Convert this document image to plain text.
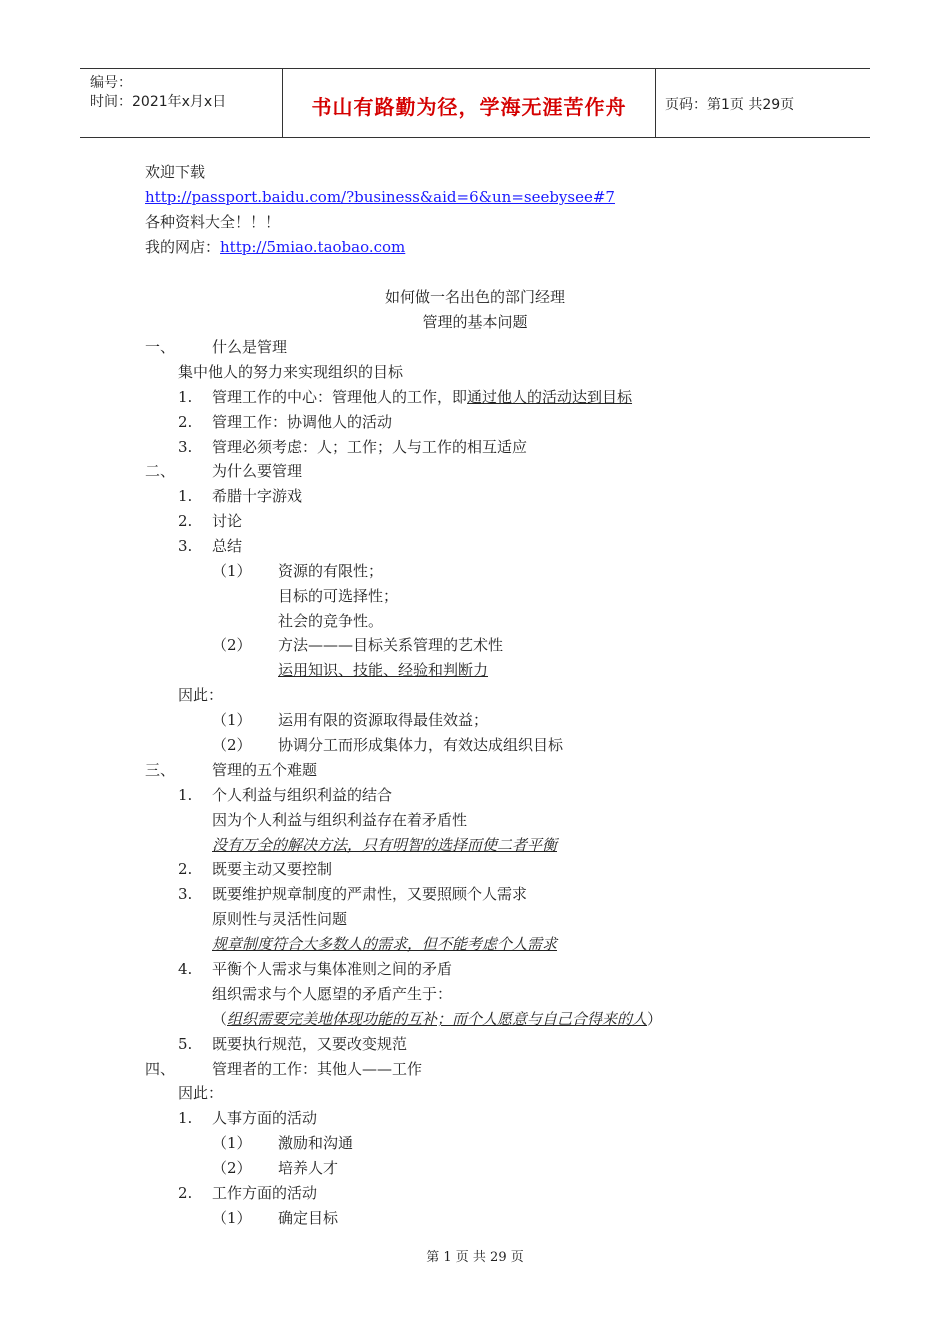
编号：
时间：2021年x月x日	书山有路勤为径，学海无涯苦作舟	页码：第1页 共29页
欢迎下载
http://passport.baidu.com/?business&aid=6&un=seebysee#7
各种资料大全！！！
我的网店：http://5miao.taobao.com
如何做一名出色的部门经理
管理的基本问题
一、 什么是管理
集中他人的努力来实现组织的目标
1. 管理工作的中心：管理他人的工作，即通过他人的活动达到目标
2. 管理工作：协调他人的活动
3. 管理必须考虑：人；工作；人与工作的相互适应
二、 为什么要管理
1. 希腊十字游戏
2. 讨论
3. 总结
（1） 资源的有限性；
目标的可选择性；
社会的竞争性。
（2） 方法———目标关系管理的艺术性
运用知识、技能、经验和判断力
因此：
（1） 运用有限的资源取得最佳效益；
（2） 协调分工而形成集体力，有效达成组织目标
三、 管理的五个难题
1. 个人利益与组织利益的结合
因为个人利益与组织利益存在着矛盾性
没有万全的解决方法，只有明智的选择而使二者平衡
2. 既要主动又要控制
3. 既要维护规章制度的严肃性，又要照顾个人需求
原则性与灵活性问题
规章制度符合大多数人的需求，但不能考虑个人需求
4. 平衡个人需求与集体准则之间的矛盾
组织需求与个人愿望的矛盾产生于：
（组织需要完美地体现功能的互补；而个人愿意与自己合得来的人）
5. 既要执行规范，又要改变规范
四、 管理者的工作：其他人——工作
因此：
1. 人事方面的活动
（1） 激励和沟通
（2） 培养人才
2. 工作方面的活动
（1） 确定目标
第 1 页 共 29 页
